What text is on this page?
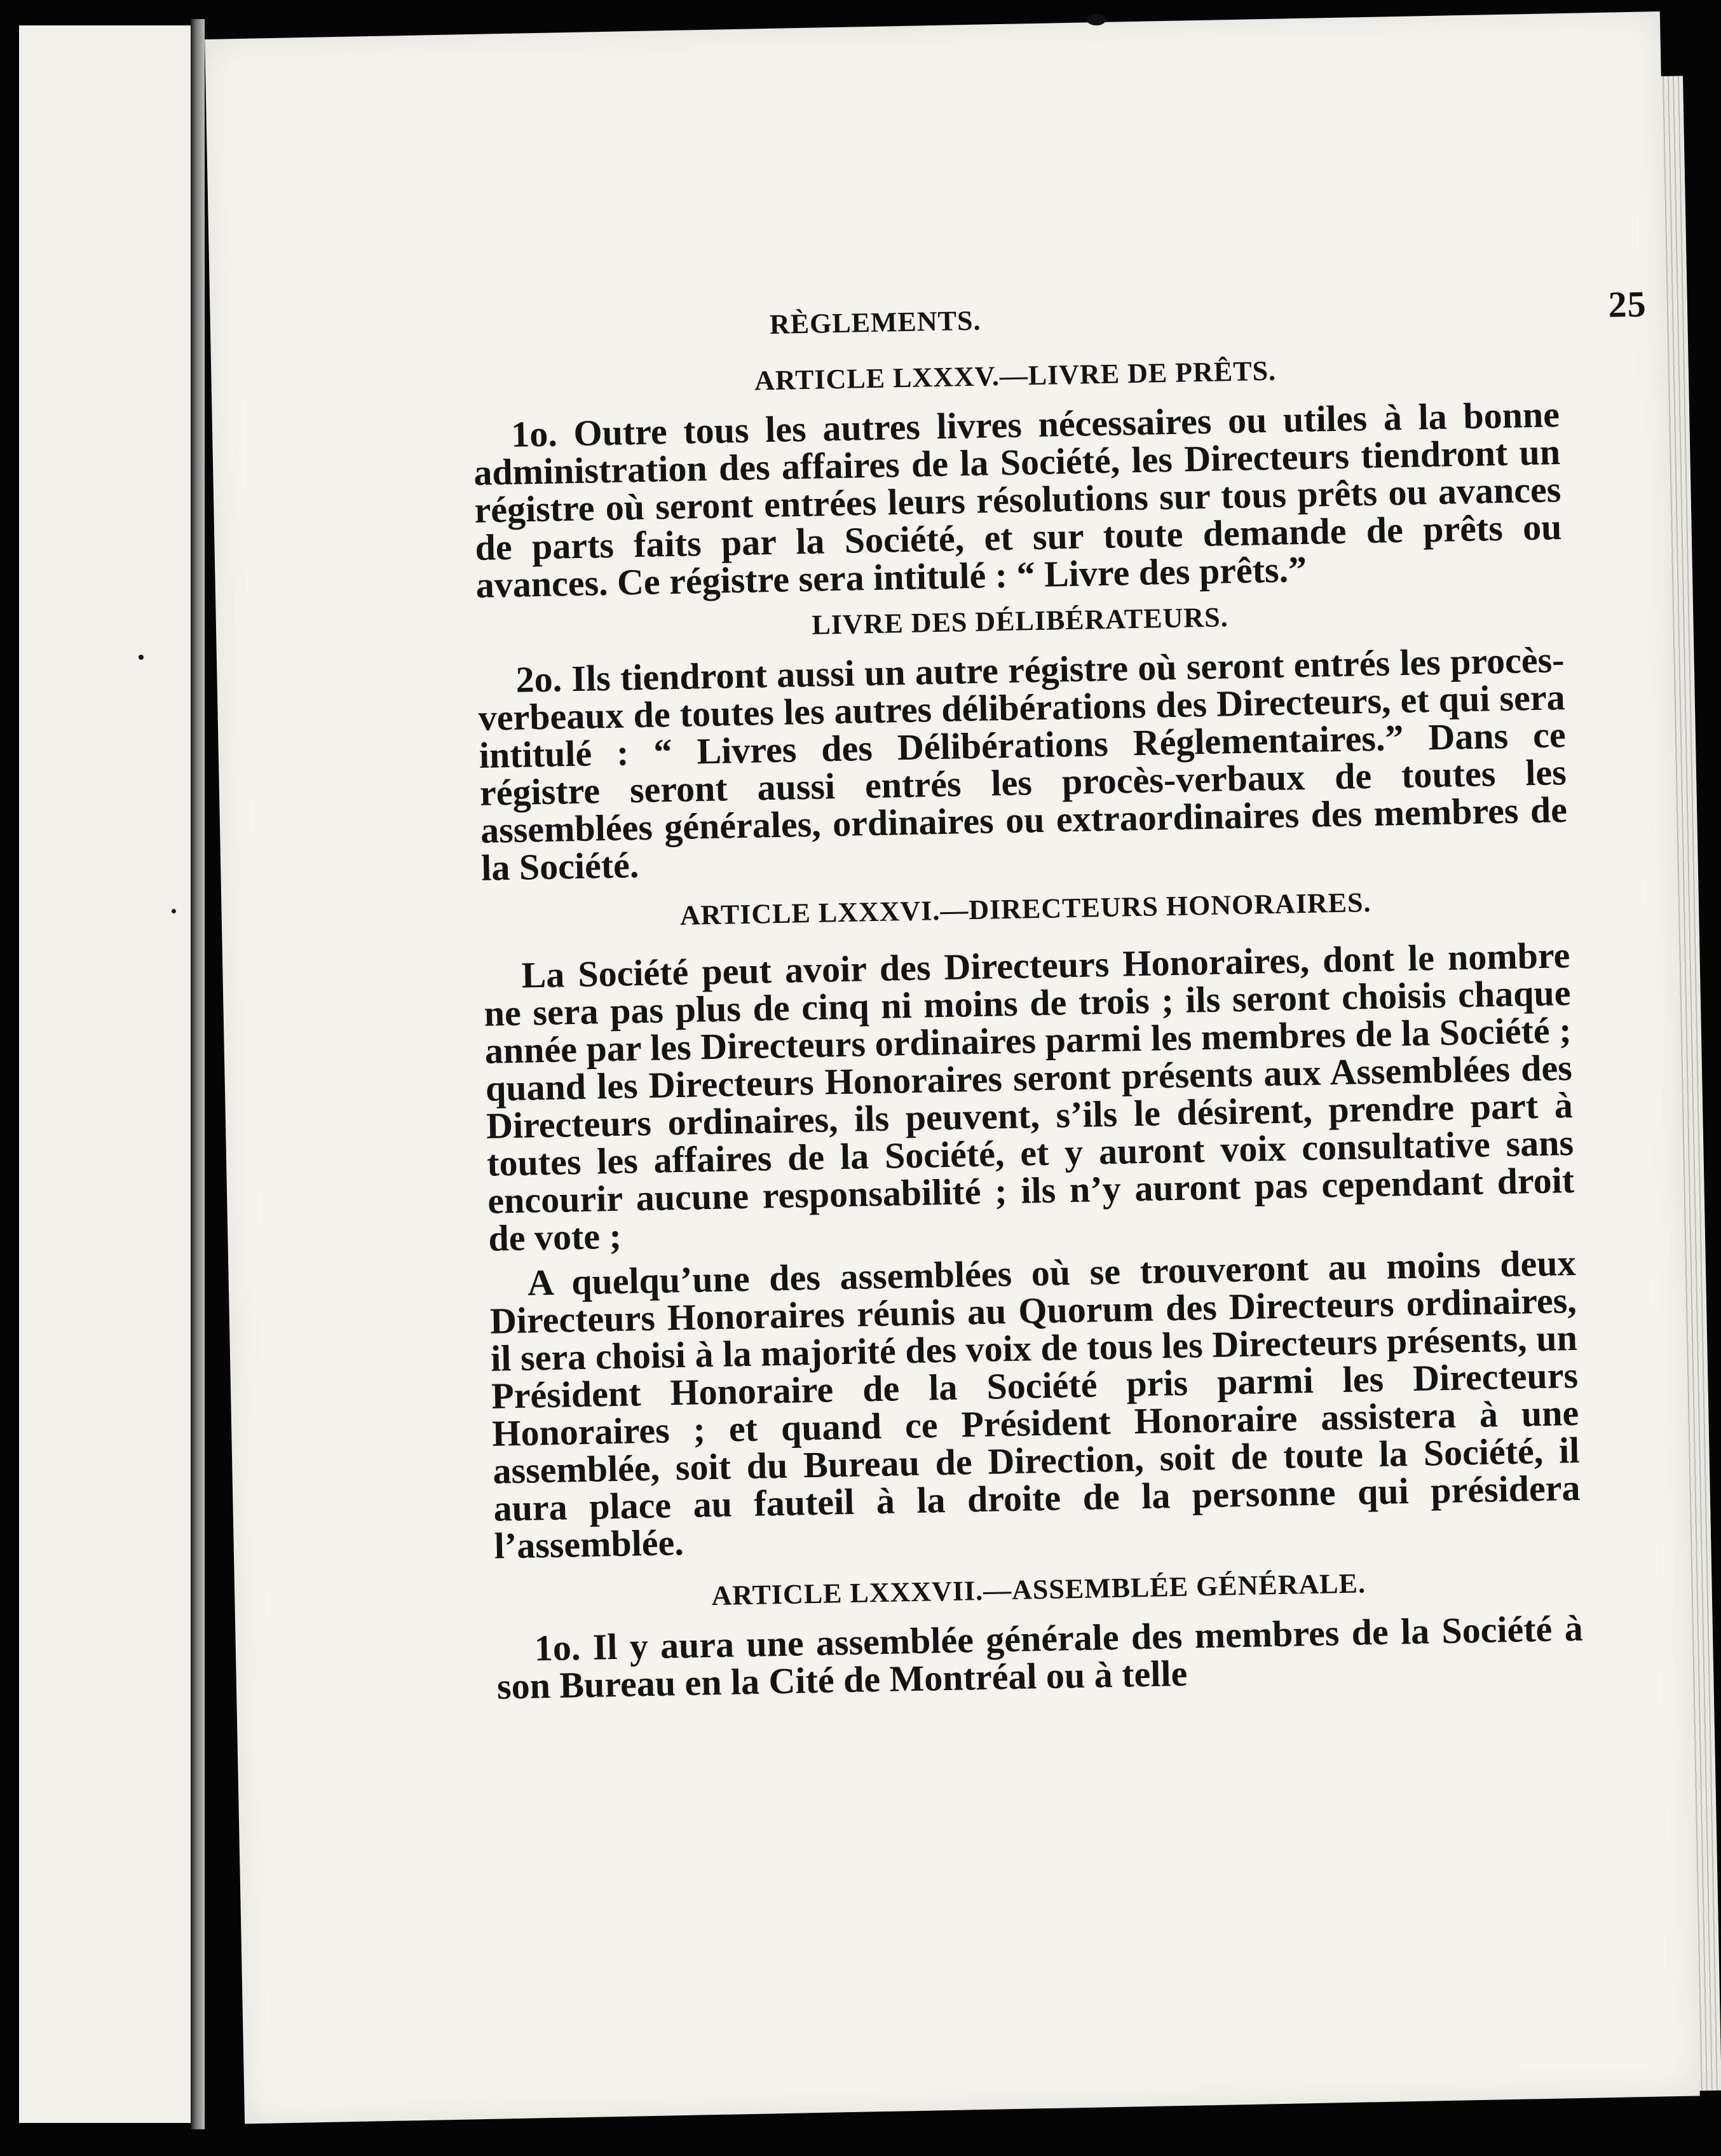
RÈGLEMENTS.	25
ARTICLE LXXXV.—LIVRE DE PRÊTS.

1o. Outre tous les autres livres nécessaires ou utiles à la bonne administration des affaires de la Société, les Directeurs tiendront un régistre où seront entrées leurs résolutions sur tous prêts ou avances de parts faits par la Société, et sur toute demande de prêts ou avances. Ce régistre sera intitulé : “ Livre des prêts.”

LIVRE DES DÉLIBÉRATEURS.

2o. Ils tiendront aussi un autre régistre où seront entrés les procès-verbeaux de toutes les autres délibérations des Directeurs, et qui sera intitulé : “ Livres des Délibérations Réglementaires.” Dans ce régistre seront aussi entrés les procès-verbaux de toutes les assemblées générales, ordinaires ou extraordinaires des membres de la Société.

ARTICLE LXXXVI.—DIRECTEURS HONORAIRES.

La Société peut avoir des Directeurs Honoraires, dont le nombre ne sera pas plus de cinq ni moins de trois ; ils seront choisis chaque année par les Directeurs ordinaires parmi les membres de la Société ; quand les Directeurs Honoraires seront présents aux Assemblées des Directeurs ordinaires, ils peuvent, s’ils le désirent, prendre part à toutes les affaires de la Société, et y auront voix consultative sans encourir aucune responsabilité ; ils n’y auront pas cependant droit de vote ;

A quelqu’une des assemblées où se trouveront au moins deux Directeurs Honoraires réunis au Quorum des Directeurs ordinaires, il sera choisi à la majorité des voix de tous les Directeurs présents, un Président Honoraire de la Société pris parmi les Directeurs Honoraires ; et quand ce Président Honoraire assistera à une assemblée, soit du Bureau de Direction, soit de toute la Société, il aura place au fauteil à la droite de la personne qui présidera l’assemblée.

ARTICLE LXXXVII.—ASSEMBLÉE GÉNÉRALE.

1o. Il y aura une assemblée générale des membres de la Société à son Bureau en la Cité de Montréal ou à telle
